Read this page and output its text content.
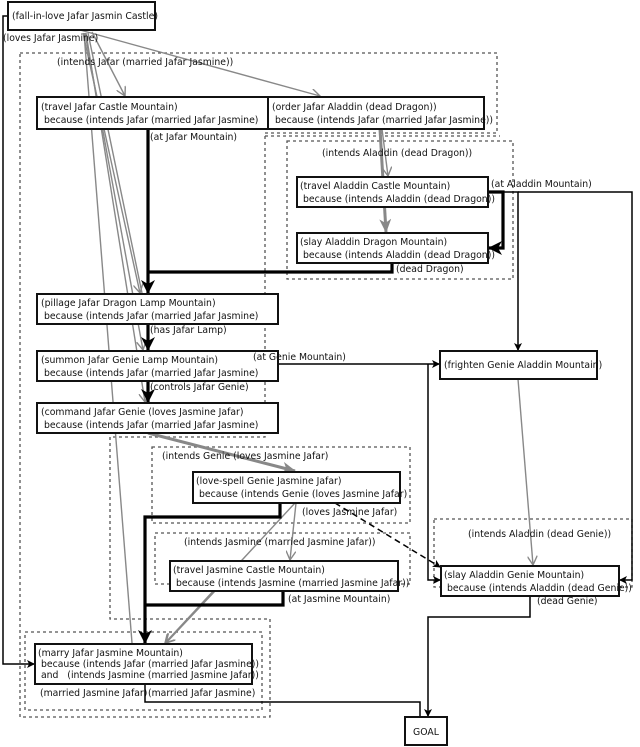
(fall-in-love Jafar Jasmin Castle)
(travel Jafar Castle Mountain)
because (intends Jafar (married Jafar Jasmine)
(order Jafar Aladdin (dead Dragon))
because (intends Jafar (married Jafar Jasmine))
(travel Aladdin Castle Mountain)
because (intends Aladdin (dead Dragon))
(slay Aladdin Dragon Mountain)
because (intends Aladdin (dead Dragon))
(pillage Jafar Dragon Lamp Mountain)
because (intends Jafar (married Jafar Jasmine)
(summon Jafar Genie Lamp Mountain)
because (intends Jafar (married Jafar Jasmine)
(command Jafar Genie (loves Jasmine Jafar)
because (intends Jafar (married Jafar Jasmine)
(love-spell Genie Jasmine Jafar)
because (intends Genie (loves Jasmine Jafar)
(travel Jasmine Castle Mountain)
because (intends Jasmine (married Jasmine Jafar))
(marry Jafar Jasmine Mountain)
because (intends Jafar (married Jafar Jasmine))
and   (intends Jasmine (married Jasmine Jafar))
(frighten Genie Aladdin Mountain)
(slay Aladdin Genie Mountain)
because (intends Aladdin (dead Genie))
GOAL
(loves Jafar Jasmine)
(intends Jafar (married Jafar Jasmine))
(at Jafar Mountain)
(intends Aladdin (dead Dragon))
(at Aladdin Mountain)
(dead Dragon)
(has Jafar Lamp)
(at Genie Mountain)
(controls Jafar Genie)
(intends Genie (loves Jasmine Jafar)
(loves Jasmine Jafar)
(intends Jasmine (married Jasmine Jafar))
(at Jasmine Mountain)
(intends Aladdin (dead Genie))
(dead Genie)
(married Jasmine Jafar) (married Jafar Jasmine)
